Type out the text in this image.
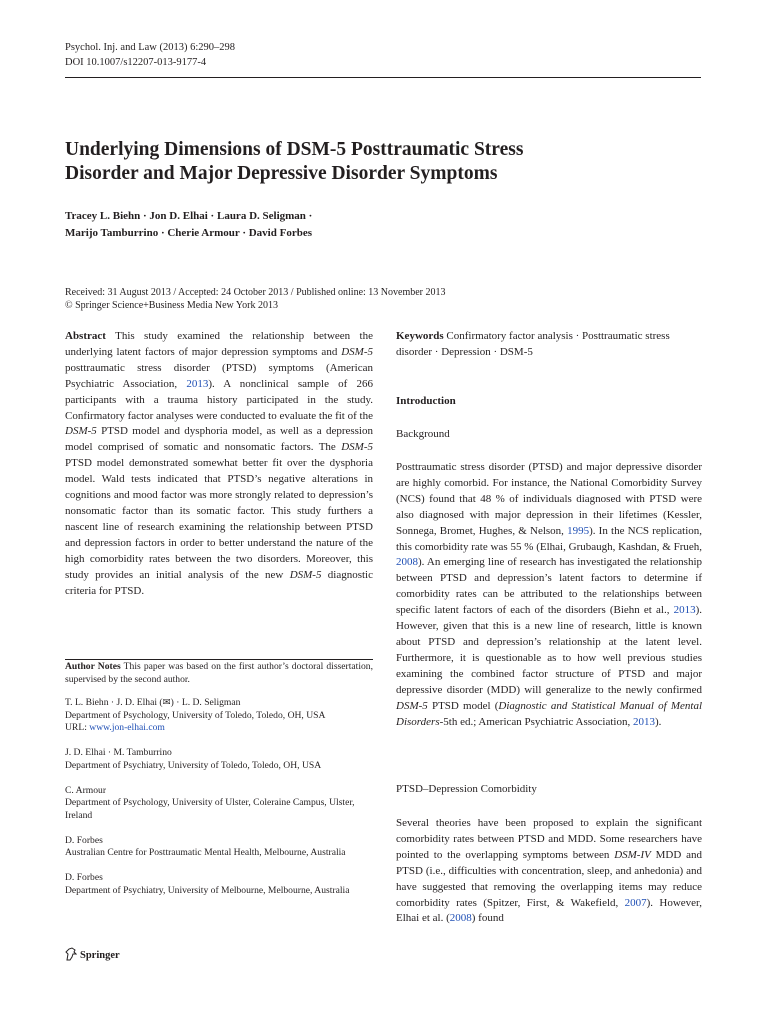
Psychol. Inj. and Law (2013) 6:290–298
DOI 10.1007/s12207-013-9177-4
Underlying Dimensions of DSM-5 Posttraumatic Stress
Disorder and Major Depressive Disorder Symptoms
Tracey L. Biehn · Jon D. Elhai · Laura D. Seligman ·
Marijo Tamburrino · Cherie Armour · David Forbes
Received: 31 August 2013 / Accepted: 24 October 2013 / Published online: 13 November 2013
© Springer Science+Business Media New York 2013

Abstract This study examined the relationship between the underlying latent factors of major depression symptoms and DSM-5 posttraumatic stress disorder (PTSD) symptoms (American Psychiatric Association, 2013). A nonclinical sample of 266 participants with a trauma history participated in the study. Confirmatory factor analyses were conducted to evaluate the fit of the DSM-5 PTSD model and dysphoria model, as well as a depression model comprised of somatic and nonsomatic factors. The DSM-5 PTSD model demonstrated somewhat better fit over the dysphoria model. Wald tests indicated that PTSD’s negative alterations in cognitions and mood factor was more strongly related to depression’s nonsomatic factor than its somatic factor. This study furthers a nascent line of research examining the relationship between PTSD and depression factors in order to better understand the nature of the high comorbidity rates between the two disorders. Moreover, this study provides an initial analysis of the new DSM-5 diagnostic criteria for PTSD.

Author Notes This paper was based on the first author’s doctoral dissertation, supervised by the second author.

T. L. Biehn · J. D. Elhai (✉) · L. D. Seligman
Department of Psychology, University of Toledo, Toledo, OH, USA
URL: www.jon-elhai.com
J. D. Elhai · M. Tamburrino
Department of Psychiatry, University of Toledo, Toledo, OH, USA
C. Armour
Department of Psychology, University of Ulster, Coleraine Campus, Ulster, Ireland
D. Forbes
Australian Centre for Posttraumatic Mental Health, Melbourne, Australia
D. Forbes
Department of Psychiatry, University of Melbourne, Melbourne, Australia

Keywords Confirmatory factor analysis · Posttraumatic stress disorder · Depression · DSM-5

Introduction
Background

Posttraumatic stress disorder (PTSD) and major depressive disorder are highly comorbid. For instance, the National Comorbidity Survey (NCS) found that 48 % of individuals diagnosed with PTSD were also diagnosed with major depression in their lifetimes (Kessler, Sonnega, Bromet, Hughes, & Nelson, 1995). In the NCS replication, this comorbidity rate was 55 % (Elhai, Grubaugh, Kashdan, & Frueh, 2008). An emerging line of research has investigated the relationship between PTSD and depression’s latent factors to determine if comorbidity rates can be attributed to the relationships between specific latent factors of each of the disorders (Biehn et al., 2013). However, given that this is a new line of research, little is known about PTSD and depression’s relationship at the latent level. Furthermore, it is questionable as to how well previous studies examining the combined factor structure of PTSD and major depressive disorder (MDD) will generalize to the newly confirmed DSM-5 PTSD model (Diagnostic and Statistical Manual of Mental Disorders-5th ed.; American Psychiatric Association, 2013).

PTSD–Depression Comorbidity

Several theories have been proposed to explain the significant comorbidity rates between PTSD and MDD. Some researchers have pointed to the overlapping symptoms between DSM-IV MDD and PTSD (i.e., difficulties with concentration, sleep, and anhedonia) and have suggested that removing the overlapping items may reduce comorbidity rates (Spitzer, First, & Wakefield, 2007). However, Elhai et al. (2008) found

Springer
